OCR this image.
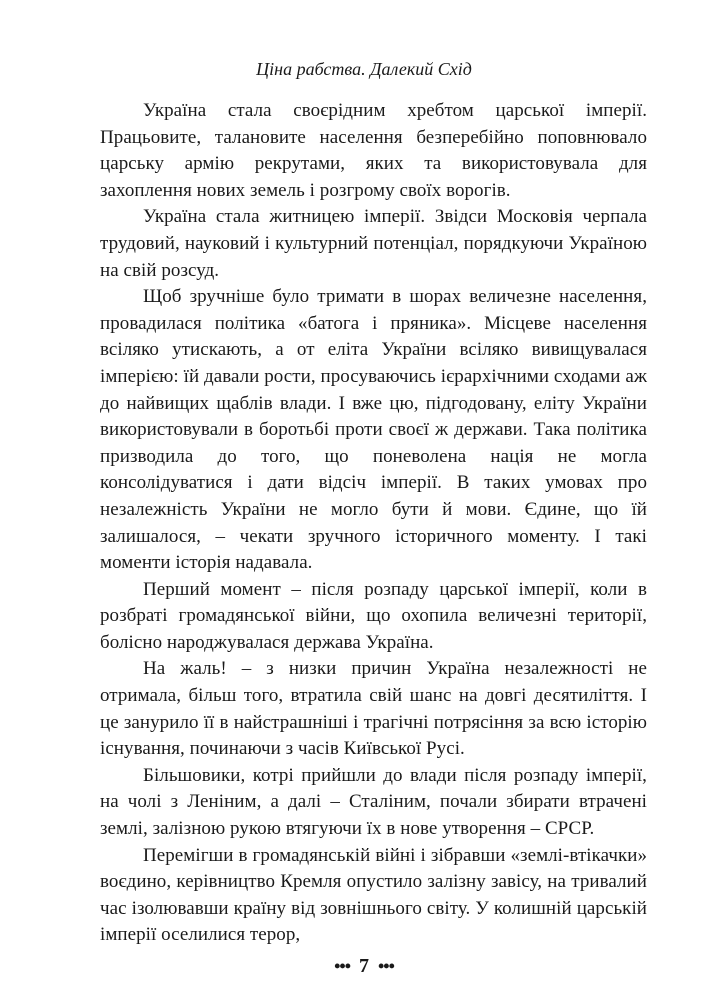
Ціна рабства. Далекий Схід

Україна стала своєрідним хребтом царської імперії. Працьовите, талановите населення безперебійно поповнювало царську армію рекрутами, яких та використовувала для захоплення нових земель і розгрому своїх ворогів.

Україна стала житницею імперії. Звідси Московія черпала трудовий, науковий і культурний потенціал, порядкуючи Україною на свій розсуд.

Щоб зручніше було тримати в шорах величезне населення, провадилася політика «батога і пряника». Місцеве населення всіляко утискають, а от еліта України всіляко вивищувалася імперією: їй давали рости, просуваючись ієрархічними сходами аж до найвищих щаблів влади. І вже цю, підгодовану, еліту України використовували в боротьбі проти своєї ж держави. Така політика призводила до того, що поневолена нація не могла консолідуватися і дати відсіч імперії. В таких умовах про незалежність України не могло бути й мови. Єдине, що їй залишалося, – чекати зручного історичного моменту. І такі моменти історія надавала.

Перший момент – після розпаду царської імперії, коли в розбраті громадянської війни, що охопила величезні території, болісно народжувалася держава Україна.

На жаль! – з низки причин Україна незалежності не отримала, більш того, втратила свій шанс на довгі десятиліття. І це занурило її в найстрашніші і трагічні потрясіння за всю історію існування, починаючи з часів Київської Русі.

Більшовики, котрі прийшли до влади після розпаду імперії, на чолі з Леніним, а далі – Сталіним, почали збирати втрачені землі, залізною рукою втягуючи їх в нове утворення – СРСР.

Перемігши в громадянській війні і зібравши «землі-втікачки» воєдино, керівництво Кремля опустило залізну завісу, на тривалий час ізолювавши країну від зовнішнього світу. У колишній царській імперії оселилися терор,

••• 7 •••
